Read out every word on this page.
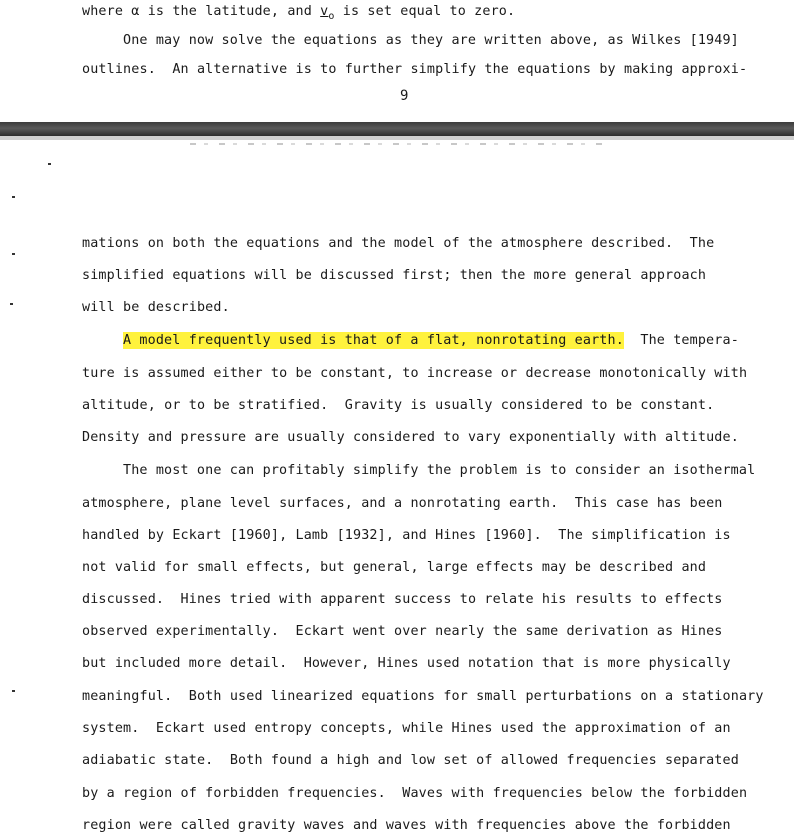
where α is the latitude, and $v_o$ is set equal to zero.
One may now solve the equations as they are written above, as Wilkes [1949]
outlines.  An alternative is to further simplify the equations by making approxi-
9
mations on both the equations and the model of the atmosphere described.  The
simplified equations will be discussed first; then the more general approach
will be described.
A model frequently used is that of a flat, nonrotating earth.  The tempera-
ture is assumed either to be constant, to increase or decrease monotonically with
altitude, or to be stratified.  Gravity is usually considered to be constant.
Density and pressure are usually considered to vary exponentially with altitude.
The most one can profitably simplify the problem is to consider an isothermal
atmosphere, plane level surfaces, and a nonrotating earth.  This case has been
handled by Eckart [1960], Lamb [1932], and Hines [1960].  The simplification is
not valid for small effects, but general, large effects may be described and
discussed.  Hines tried with apparent success to relate his results to effects
observed experimentally.  Eckart went over nearly the same derivation as Hines
but included more detail.  However, Hines used notation that is more physically
meaningful.  Both used linearized equations for small perturbations on a stationary
system.  Eckart used entropy concepts, while Hines used the approximation of an
adiabatic state.  Both found a high and low set of allowed frequencies separated
by a region of forbidden frequencies.  Waves with frequencies below the forbidden
region were called gravity waves and waves with frequencies above the forbidden
